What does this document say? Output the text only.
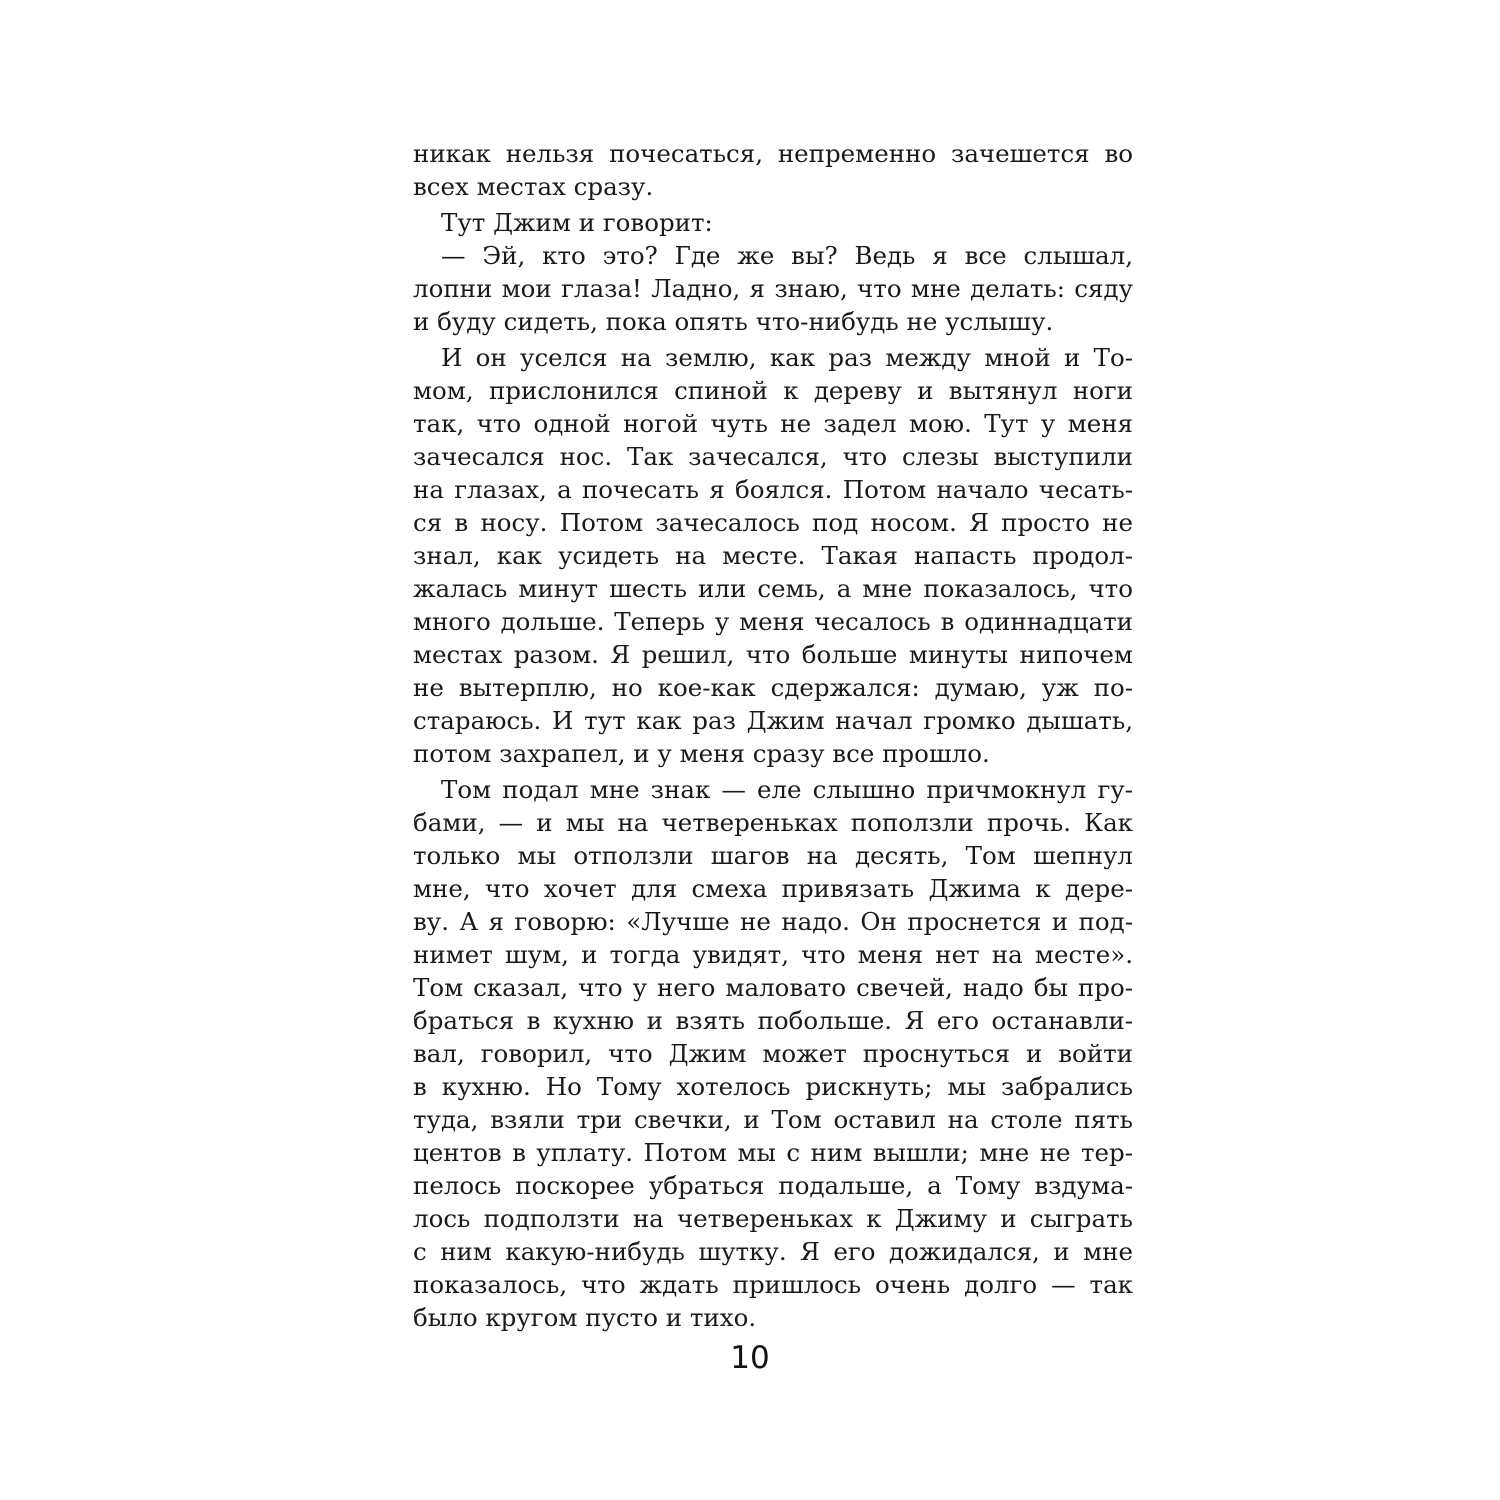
никак нельзя почесаться, непременно зачешется во
всех местах сразу.
Тут Джим и говорит:
— Эй, кто это? Где же вы? Ведь я все слышал,
лопни мои глаза! Ладно, я знаю, что мне делать: сяду
и буду сидеть, пока опять что-нибудь не услышу.
И он уселся на землю, как раз между мной и То-
мом, прислонился спиной к дереву и вытянул ноги
так, что одной ногой чуть не задел мою. Тут у меня
зачесался нос. Так зачесался, что слезы выступили
на глазах, а почесать я боялся. Потом начало чесать-
ся в носу. Потом зачесалось под носом. Я просто не
знал, как усидеть на месте. Такая напасть продол-
жалась минут шесть или семь, а мне показалось, что
много дольше. Теперь у меня чесалось в одиннадцати
местах разом. Я решил, что больше минуты нипочем
не вытерплю, но кое-как сдержался: думаю, уж по-
стараюсь. И тут как раз Джим начал громко дышать,
потом захрапел, и у меня сразу все прошло.
Том подал мне знак — еле слышно причмокнул гу-
бами, — и мы на четвереньках поползли прочь. Как
только мы отползли шагов на десять, Том шепнул
мне, что хочет для смеха привязать Джима к дере-
ву. А я говорю: «Лучше не надо. Он проснется и под-
нимет шум, и тогда увидят, что меня нет на месте».
Том сказал, что у него маловато свечей, надо бы про-
браться в кухню и взять побольше. Я его останавли-
вал, говорил, что Джим может проснуться и войти
в кухню. Но Тому хотелось рискнуть; мы забрались
туда, взяли три свечки, и Том оставил на столе пять
центов в уплату. Потом мы с ним вышли; мне не тер-
пелось поскорее убраться подальше, а Тому вздума-
лось подползти на четвереньках к Джиму и сыграть
с ним какую-нибудь шутку. Я его дожидался, и мне
показалось, что ждать пришлось очень долго — так
было кругом пусто и тихо.
10
